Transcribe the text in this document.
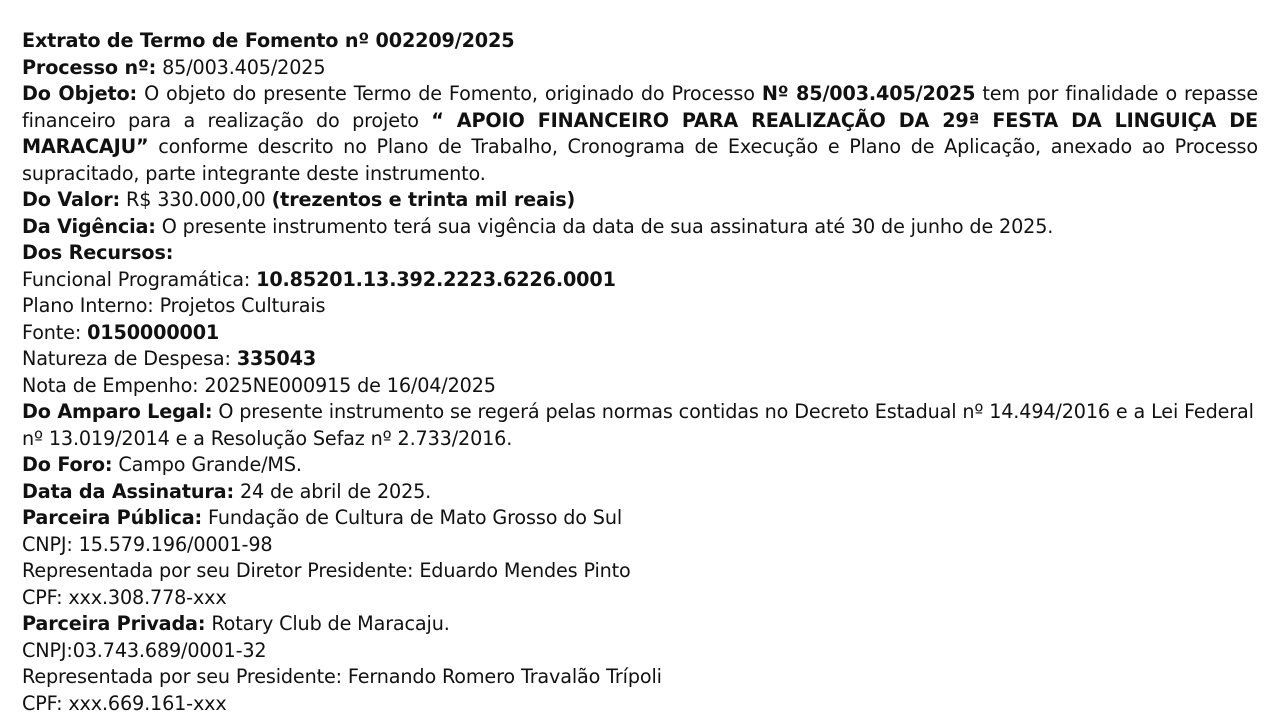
Extrato de Termo de Fomento nº 002209/2025

Processo nº: 85/003.405/2025

Do Objeto: O objeto do presente Termo de Fomento, originado do Processo Nº 85/003.405/2025 tem por finalidade o repasse financeiro para a realização do projeto “ APOIO FINANCEIRO PARA REALIZAÇÃO DA 29ª FESTA DA LINGUIÇA DE MARACAJU” conforme descrito no Plano de Trabalho, Cronograma de Execução e Plano de Aplicação, anexado ao Processo supracitado, parte integrante deste instrumento.

Do Valor: R$ 330.000,00 (trezentos e trinta mil reais)

Da Vigência: O presente instrumento terá sua vigência da data de sua assinatura até 30 de junho de 2025.

Dos Recursos:

Funcional Programática: 10.85201.13.392.2223.6226.0001

Plano Interno: Projetos Culturais

Fonte: 0150000001

Natureza de Despesa: 335043

Nota de Empenho: 2025NE000915 de 16/04/2025

Do Amparo Legal: O presente instrumento se regerá pelas normas contidas no Decreto Estadual nº 14.494/2016 e a Lei Federal nº 13.019/2014 e a Resolução Sefaz nº 2.733/2016.

Do Foro: Campo Grande/MS.

Data da Assinatura: 24 de abril de 2025.

Parceira Pública: Fundação de Cultura de Mato Grosso do Sul

CNPJ: 15.579.196/0001-98

Representada por seu Diretor Presidente: Eduardo Mendes Pinto

CPF: xxx.308.778-xxx

Parceira Privada: Rotary Club de Maracaju.

CNPJ:03.743.689/0001-32

Representada por seu Presidente: Fernando Romero Travalão Trípoli

CPF: xxx.669.161-xxx
